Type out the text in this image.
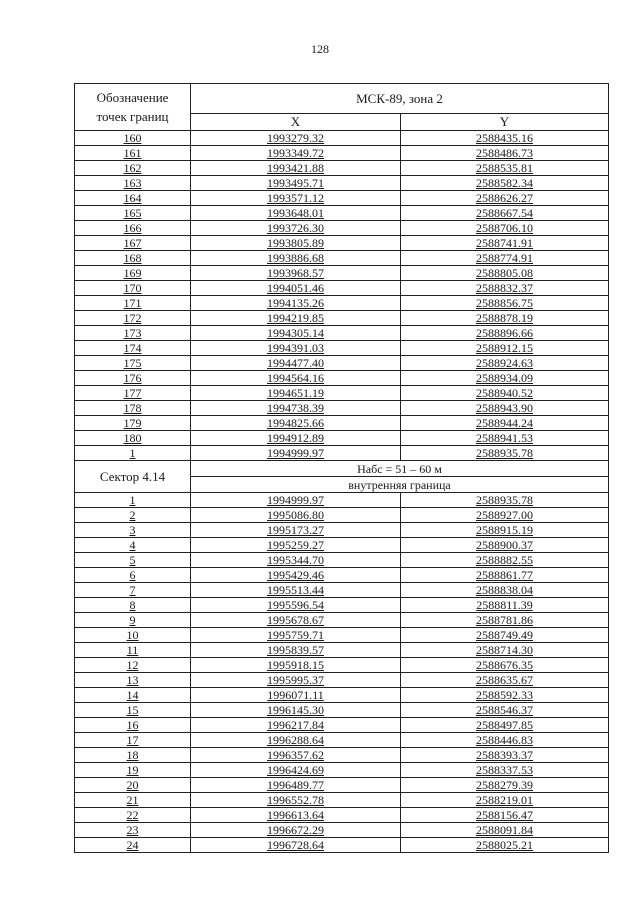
128
Обозначение
точек границ	МСК-89, зона 2	
	X	Y
160	1993279.32	2588435.16
161	1993349.72	2588486.73
162	1993421.88	2588535.81
163	1993495.71	2588582.34
164	1993571.12	2588626.27
165	1993648.01	2588667.54
166	1993726.30	2588706.10
167	1993805.89	2588741.91
168	1993886.68	2588774.91
169	1993968.57	2588805.08
170	1994051.46	2588832.37
171	1994135.26	2588856.75
172	1994219.85	2588878.19
173	1994305.14	2588896.66
174	1994391.03	2588912.15
175	1994477.40	2588924.63
176	1994564.16	2588934.09
177	1994651.19	2588940.52
178	1994738.39	2588943.90
179	1994825.66	2588944.24
180	1994912.89	2588941.53
1	1994999.97	2588935.78
Сектор 4.14	Набс = 51 – 60 м	
	внутренняя граница	
1	1994999.97	2588935.78
2	1995086.80	2588927.00
3	1995173.27	2588915.19
4	1995259.27	2588900.37
5	1995344.70	2588882.55
6	1995429.46	2588861.77
7	1995513.44	2588838.04
8	1995596.54	2588811.39
9	1995678.67	2588781.86
10	1995759.71	2588749.49
11	1995839.57	2588714.30
12	1995918.15	2588676.35
13	1995995.37	2588635.67
14	1996071.11	2588592.33
15	1996145.30	2588546.37
16	1996217.84	2588497.85
17	1996288.64	2588446.83
18	1996357.62	2588393.37
19	1996424.69	2588337.53
20	1996489.77	2588279.39
21	1996552.78	2588219.01
22	1996613.64	2588156.47
23	1996672.29	2588091.84
24	1996728.64	2588025.21
